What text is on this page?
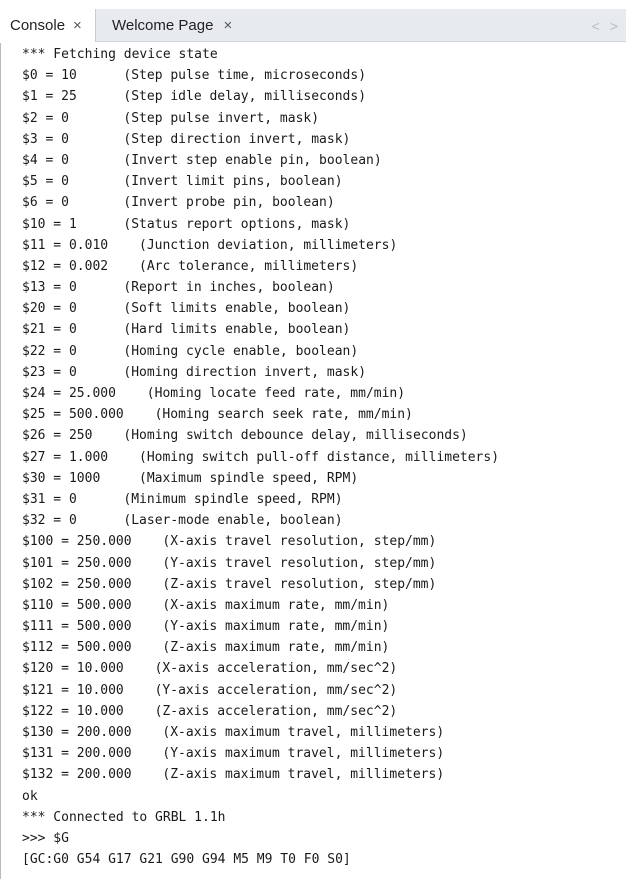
Console × Welcome Page ×	< >
*** Fetching device state
$0 = 10	(Step pulse time, microseconds)
$1 = 25	(Step idle delay, milliseconds)
$2 = 0	(Step pulse invert, mask)
$3 = 0	(Step direction invert, mask)
$4 = 0	(Invert step enable pin, boolean)
$5 = 0	(Invert limit pins, boolean)
$6 = 0	(Invert probe pin, boolean)
$10 = 1	(Status report options, mask)
$11 = 0.010 (Junction deviation, millimeters)
$12 = 0.002 (Arc tolerance, millimeters)
$13 = 0	(Report in inches, boolean)
$20 = 0	(Soft limits enable, boolean)
$21 = 0	(Hard limits enable, boolean)
$22 = 0	(Homing cycle enable, boolean)
$23 = 0	(Homing direction invert, mask)
$24 = 25.000 (Homing locate feed rate, mm/min)
$25 = 500.000 (Homing search seek rate, mm/min)
$26 = 250 (Homing switch debounce delay, milliseconds)
$27 = 1.000 (Homing switch pull-off distance, millimeters)
$30 = 1000	(Maximum spindle speed, RPM)
$31 = 0	(Minimum spindle speed, RPM)
$32 = 0	(Laser-mode enable, boolean)
$100 = 250.000 (X-axis travel resolution, step/mm)
$101 = 250.000 (Y-axis travel resolution, step/mm)
$102 = 250.000 (Z-axis travel resolution, step/mm)
$110 = 500.000 (X-axis maximum rate, mm/min)
$111 = 500.000 (Y-axis maximum rate, mm/min)
$112 = 500.000 (Z-axis maximum rate, mm/min)
$120 = 10.000 (X-axis acceleration, mm/sec^2)
$121 = 10.000 (Y-axis acceleration, mm/sec^2)
$122 = 10.000 (Z-axis acceleration, mm/sec^2)
$130 = 200.000 (X-axis maximum travel, millimeters)
$131 = 200.000 (Y-axis maximum travel, millimeters)
$132 = 200.000 (Z-axis maximum travel, millimeters)
ok
*** Connected to GRBL 1.1h
>>> $G
[GC:G0 G54 G17 G21 G90 G94 M5 M9 T0 F0 S0]
